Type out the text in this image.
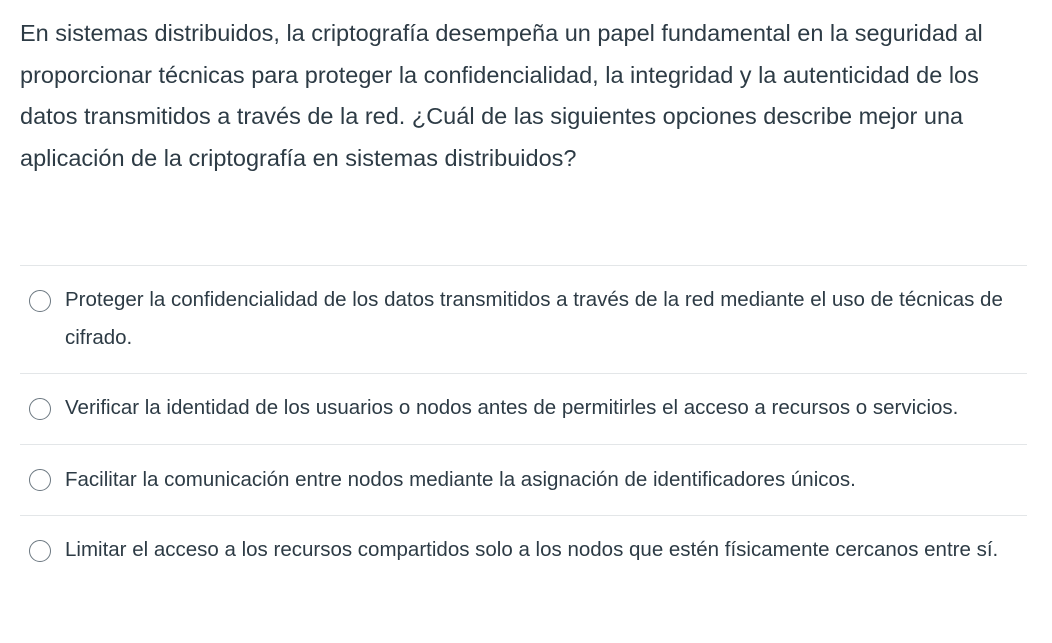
En sistemas distribuidos, la criptografía desempeña un papel fundamental en la seguridad al proporcionar técnicas para proteger la confidencialidad, la integridad y la autenticidad de los datos transmitidos a través de la red. ¿Cuál de las siguientes opciones describe mejor una aplicación de la criptografía en sistemas distribuidos?
Proteger la confidencialidad de los datos transmitidos a través de la red mediante el uso de técnicas de cifrado.
Verificar la identidad de los usuarios o nodos antes de permitirles el acceso a recursos o servicios.
Facilitar la comunicación entre nodos mediante la asignación de identificadores únicos.
Limitar el acceso a los recursos compartidos solo a los nodos que estén físicamente cercanos entre sí.
